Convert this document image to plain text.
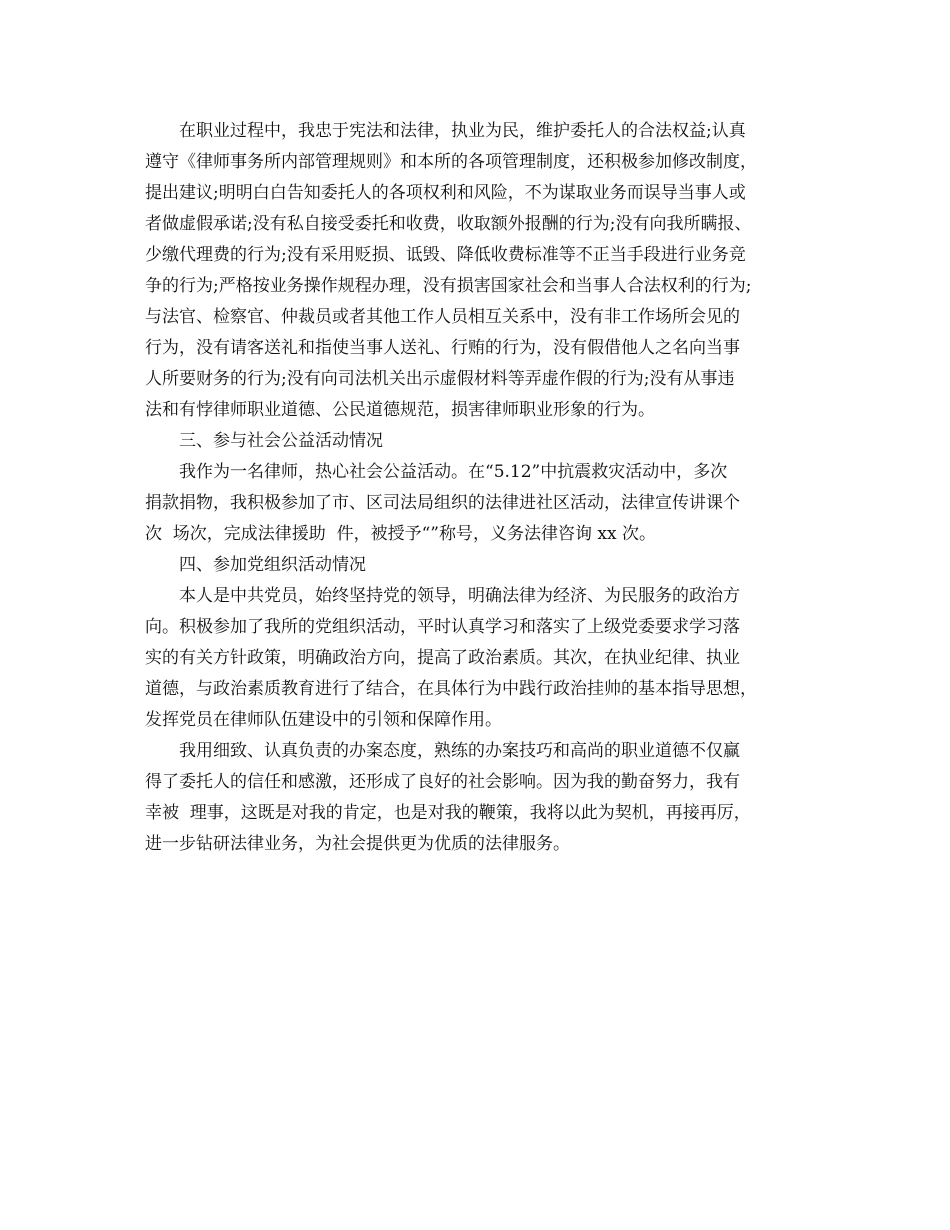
在职业过程中，我忠于宪法和法律，执业为民，维护委托人的合法权益;认真
遵守《律师事务所内部管理规则》和本所的各项管理制度，还积极参加修改制度，
提出建议;明明白白告知委托人的各项权利和风险，不为谋取业务而误导当事人或
者做虚假承诺;没有私自接受委托和收费，收取额外报酬的行为;没有向我所瞒报、
少缴代理费的行为;没有采用贬损、诋毁、降低收费标准等不正当手段进行业务竞
争的行为;严格按业务操作规程办理，没有损害国家社会和当事人合法权利的行为;
与法官、检察官、仲裁员或者其他工作人员相互关系中，没有非工作场所会见的
行为，没有请客送礼和指使当事人送礼、行贿的行为，没有假借他人之名向当事
人所要财务的行为;没有向司法机关出示虚假材料等弄虚作假的行为;没有从事违
法和有悖律师职业道德、公民道德规范，损害律师职业形象的行为。
三、参与社会公益活动情况
我作为一名律师，热心社会公益活动。在“5.12”中抗震救灾活动中，多次
捐款捐物，我积极参加了市、区司法局组织的法律进社区活动，法律宣传讲课个
次  场次，完成法律援助  件，被授予“”称号，义务法律咨询 xx 次。
四、参加党组织活动情况
本人是中共党员，始终坚持党的领导，明确法律为经济、为民服务的政治方
向。积极参加了我所的党组织活动，平时认真学习和落实了上级党委要求学习落
实的有关方针政策，明确政治方向，提高了政治素质。其次，在执业纪律、执业
道德，与政治素质教育进行了结合，在具体行为中践行政治挂帅的基本指导思想，
发挥党员在律师队伍建设中的引领和保障作用。
我用细致、认真负责的办案态度，熟练的办案技巧和高尚的职业道德不仅赢
得了委托人的信任和感激，还形成了良好的社会影响。因为我的勤奋努力，我有
幸被  理事，这既是对我的肯定，也是对我的鞭策，我将以此为契机，再接再厉，
进一步钻研法律业务，为社会提供更为优质的法律服务。
